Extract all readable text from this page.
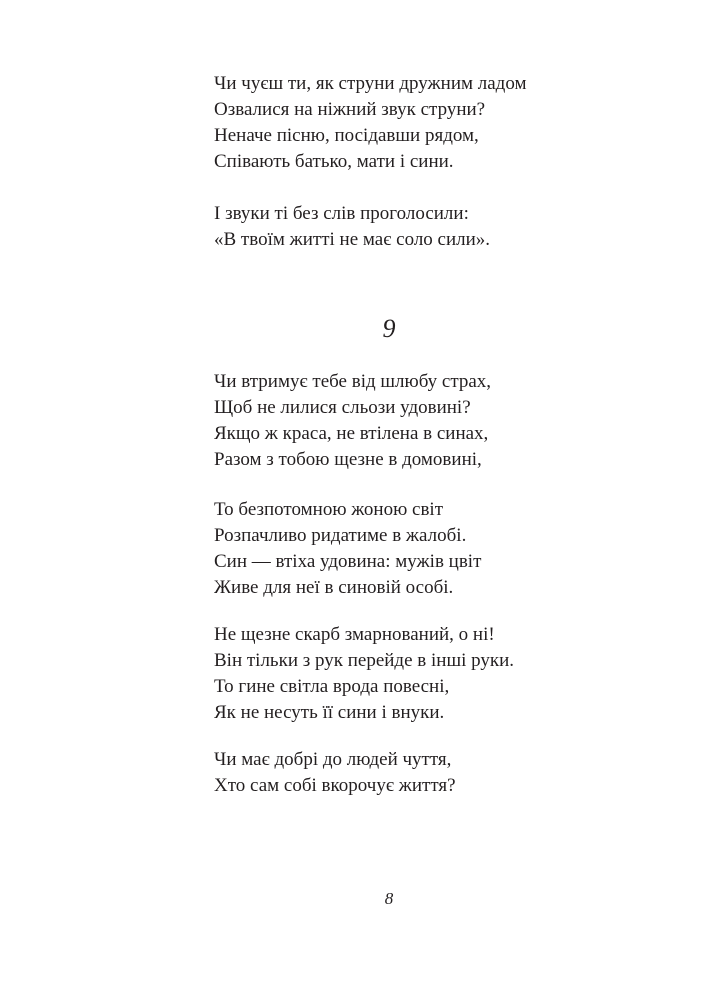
Чи чуєш ти, як струни дружним ладом
Озвалися на ніжний звук струни?
Неначе пісню, посідавши рядом,
Співають батько, мати і сини.
І звуки ті без слів проголосили:
«В твоїм житті не має соло сили».
9
Чи втримує тебе від шлюбу страх,
Щоб не лилися сльози удовині?
Якщо ж краса, не втілена в синах,
Разом з тобою щезне в домовині,
То безпотомною жоною світ
Розпачливо ридатиме в жалобі.
Син — втіха удовина: мужів цвіт
Живе для неї в синовій особі.
Не щезне скарб змарнований, о ні!
Він тільки з рук перейде в інші руки.
То гине світла врода повесні,
Як не несуть її сини і внуки.
Чи має добрі до людей чуття,
Хто сам собі вкорочує життя?
8
